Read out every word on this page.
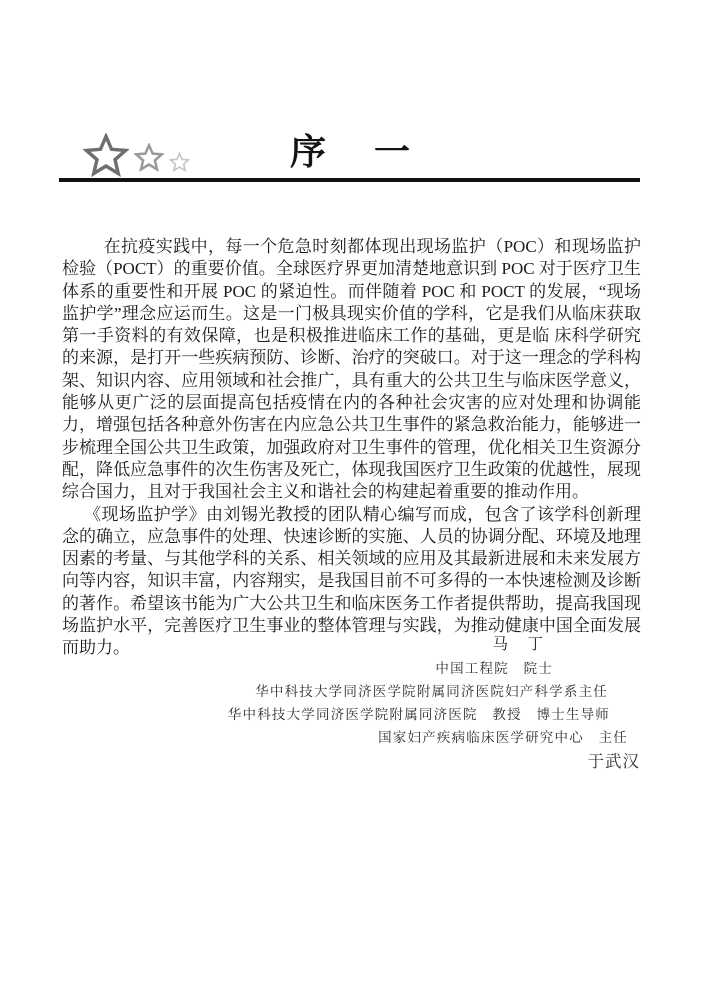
序　一

在抗疫实践中，每一个危急时刻都体现出现场监护（POC）和现场监护检验（POCT）的重要价值。全球医疗界更加清楚地意识到 POC 对于医疗卫生体系的重要性和开展 POC 的紧迫性。而伴随着 POC 和 POCT 的发展，“现场监护学”理念应运而生。这是一门极具现实价值的学科，它是我们从临床获取第一手资料的有效保障，也是积极推进临床工作的基础，更是临 床科学研究的来源，是打开一些疾病预防、诊断、治疗的突破口。对于这一理念的学科构架、知识内容、应用领域和社会推广，具有重大的公共卫生与临床医学意义，能够从更广泛的层面提高包括疫情在内的各种社会灾害的应对处理和协调能力，增强包括各种意外伤害在内应急公共卫生事件的紧急救治能力，能够进一步梳理全国公共卫生政策，加强政府对卫生事件的管理，优化相关卫生资源分配，降低应急事件的次生伤害及死亡，体现我国医疗卫生政策的优越性，展现综合国力，且对于我国社会主义和谐社会的构建起着重要的推动作用。

《现场监护学》由刘锡光教授的团队精心编写而成，包含了该学科创新理念的确立，应急事件的处理、快速诊断的实施、人员的协调分配、环境及地理因素的考量、与其他学科的关系、相关领域的应用及其最新进展和未来发展方向等内容，知识丰富，内容翔实，是我国目前不可多得的一本快速检测及诊断的著作。希望该书能为广大公共卫生和临床医务工作者提供帮助，提高我国现场监护水平，完善医疗卫生事业的整体管理与实践，为推动健康中国全面发展而助力。	马　丁
中国工程院　院士
华中科技大学同济医学院附属同济医院妇产科学系主任
华中科技大学同济医学院附属同济医院　教授　博士生导师
国家妇产疾病临床医学研究中心　主任
于武汉
